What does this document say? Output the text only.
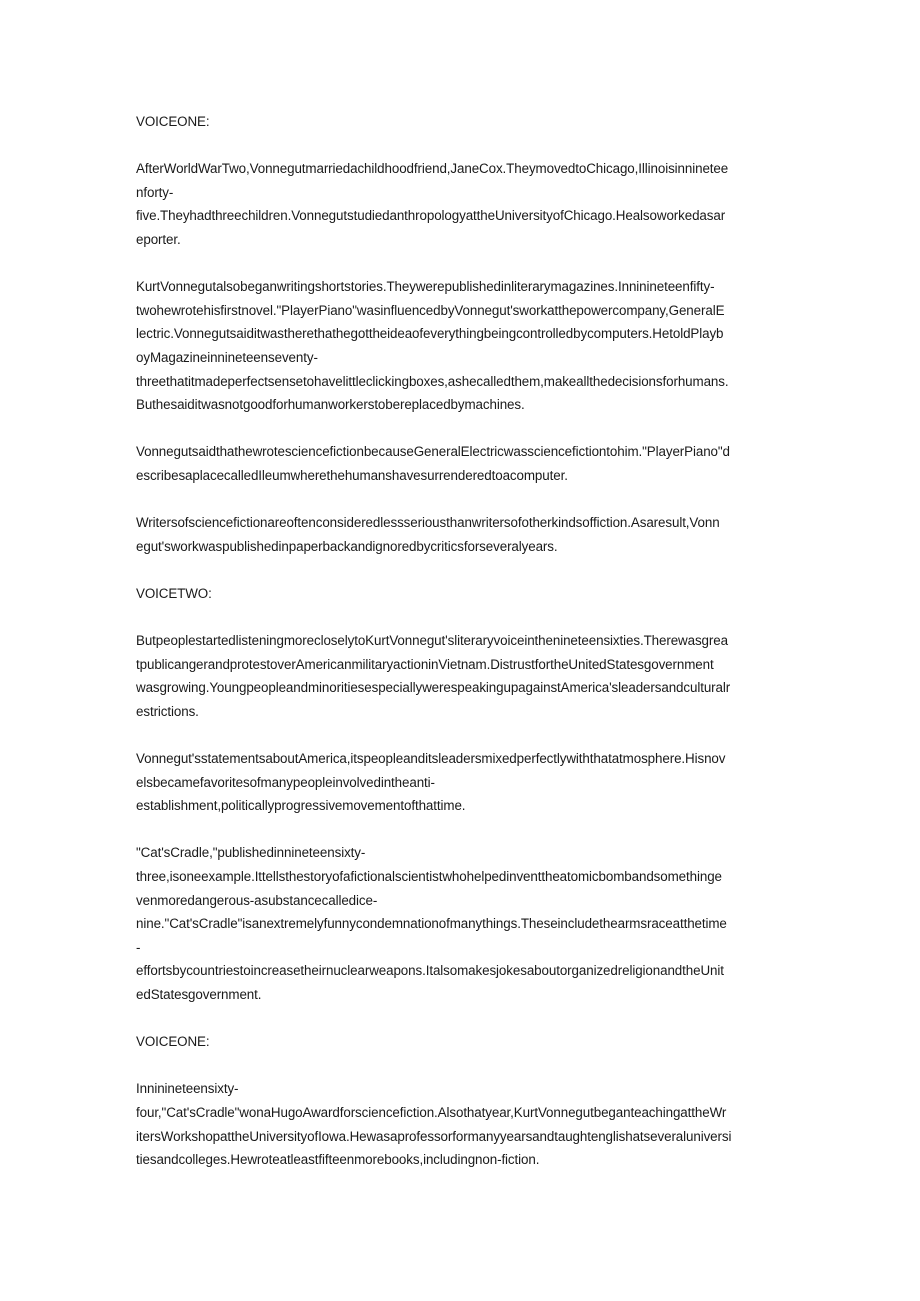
VOICEONE:
AfterWorldWarTwo,Vonnegutmarriedachildhoodfriend,JaneCox.TheymovedtoChicago,Illinoisinninetee
nforty-
five.Theyhadthreechildren.VonnegutstudiedanthropologyattheUniversityofChicago.Healsoworkedasar
eporter.
KurtVonnegutalsobeganwritingshortstories.Theywerepublishedinliterarymagazines.Inninineteenfifty-
twohewrotehisfirstnovel."PlayerPiano"wasinfluencedbyVonnegut'sworkatthepowercompany,GeneralE
lectric.Vonnegutsaiditwastherethathegottheideaofeverythingbeingcontrolledbycomputers.HetoldPlayb
oyMagazineinnineteenseventy-
threethatitmadeperfectsensetohavelittleclickingboxes,ashecalledthem,makeallthedecisionsforhumans.
Buthesaiditwasnotgoodforhumanworkerstobereplacedbymachines.
VonnegutsaidthathewrotesciencefictionbecauseGeneralElectricwassciencefictiontohim."PlayerPiano"d
escribesaplacecalledIleumwherethehumanshavesurrenderedtoacomputer.
Writersofsciencefictionareoftenconsideredlessseriousthanwritersofotherkindsoffiction.Asaresult,Vonn
egut'sworkwaspublishedinpaperbackandignoredbycriticsforseveralyears.
VOICETWO:
ButpeoplestartedlisteningmorecloselytoKurtVonnegut'sliteraryvoiceinthenineteensixties.Therewasgrea
tpublicangerandprotestoverAmericanmilitaryactioninVietnam.DistrustfortheUnitedStatesgovernment
wasgrowing.YoungpeopleandminoritiesespeciallywerespeakingupagainstAmerica'sleadersandculturalr
estrictions.
Vonnegut'sstatementsaboutAmerica,itspeopleanditsleadersmixedperfectlywiththatatmosphere.Hisnov
elsbecamefavoritesofmanypeopleinvolvedintheanti-
establishment,politicallyprogressivemovementofthattime.
"Cat'sCradle,"publishedinnineteensixty-
three,isoneexample.Ittellsthestoryofafictionalscientistwhohelpedinventtheatomicbombandsomethinge
venmoredangerous-asubstancecalledice-
nine."Cat'sCradle"isanextremelyfunnycondemnationofmanythings.Theseincludethearmsraceatthetime
-
effortsbycountriestoincreasetheirnuclearweapons.ItalsomakesjokesaboutorganizedreligionandtheUnit
edStatesgovernment.
VOICEONE:
Inninineteensixty-
four,"Cat'sCradle"wonaHugoAwardforsciencefiction.Alsothatyear,KurtVonnegutbeganteachingattheWr
itersWorkshopattheUniversityofIowa.Hewasaprofessorformanyyearsandtaughtenglishatseveraluniversi
tiesandcolleges.Hewroteatleastfifteenmorebooks,includingnon-fiction.
